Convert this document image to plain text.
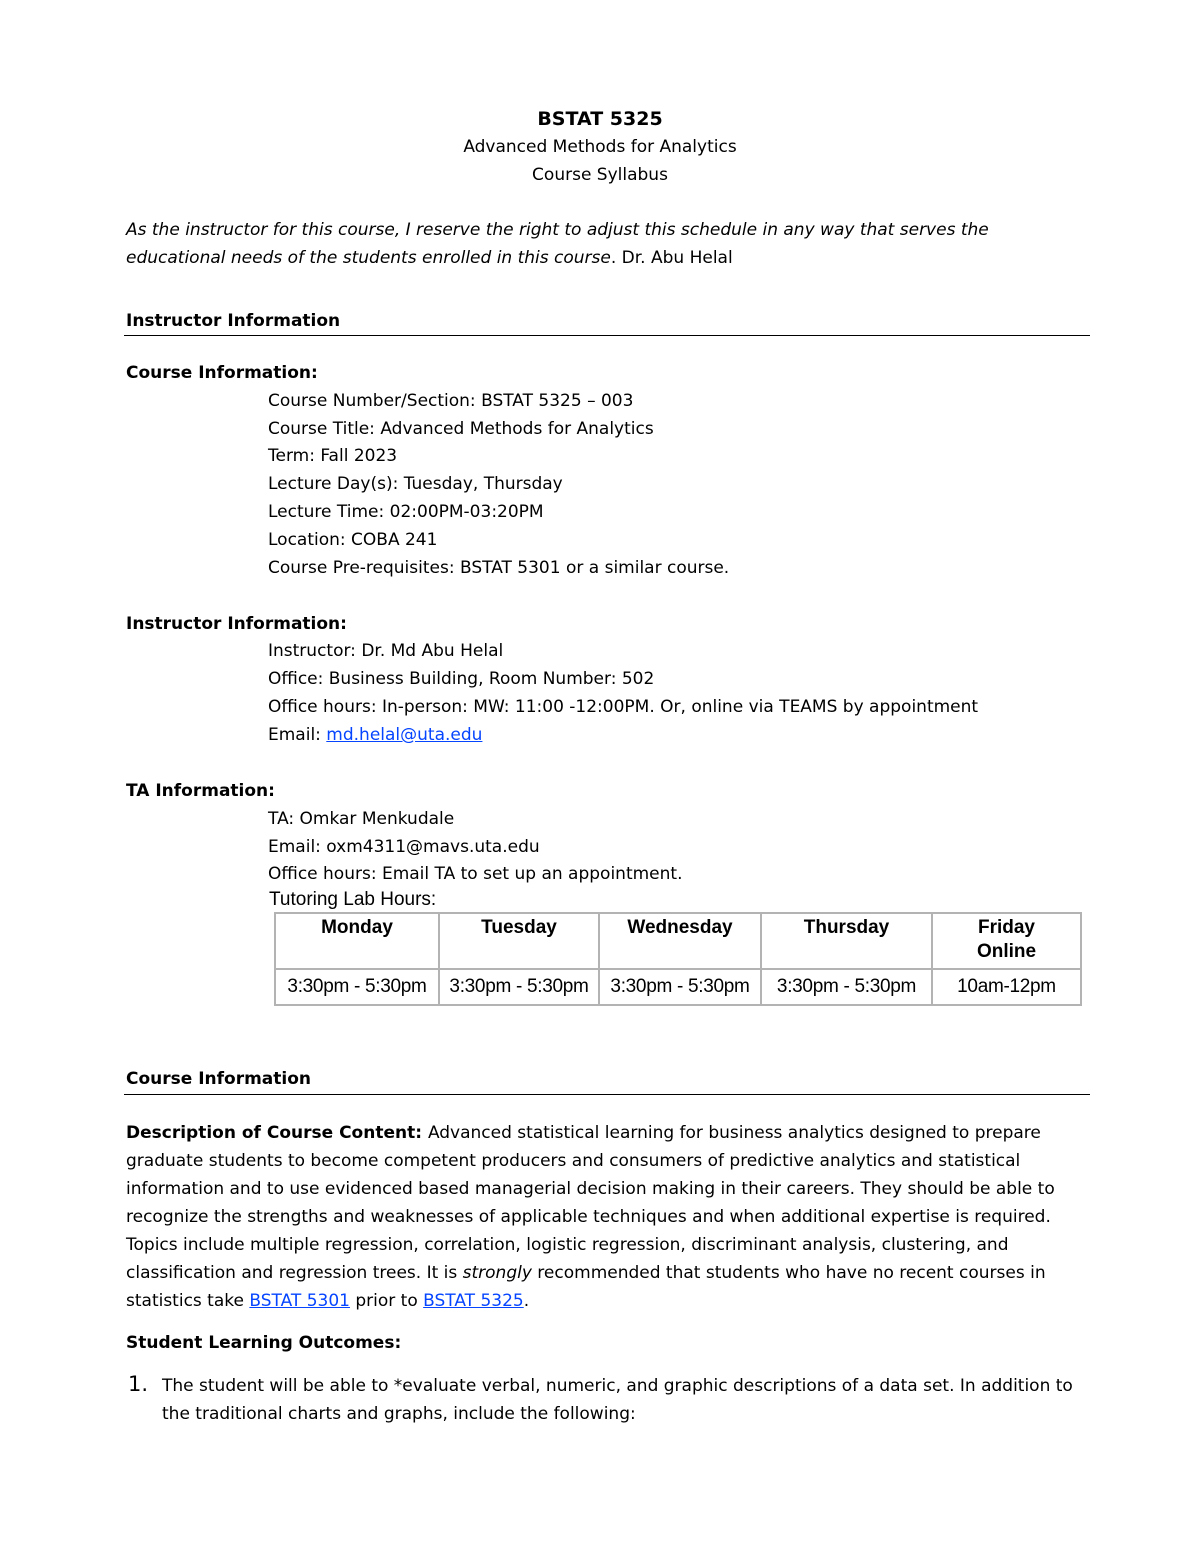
BSTAT 5325
Advanced Methods for Analytics
Course Syllabus
As the instructor for this course, I reserve the right to adjust this schedule in any way that serves the
educational needs of the students enrolled in this course. Dr. Abu Helal
Instructor Information
Course Information:
Course Number/Section: BSTAT 5325 – 003
Course Title: Advanced Methods for Analytics
Term: Fall 2023
Lecture Day(s): Tuesday, Thursday
Lecture Time: 02:00PM-03:20PM
Location: COBA 241
Course Pre-requisites: BSTAT 5301 or a similar course.
Instructor Information:
Instructor: Dr. Md Abu Helal
Office: Business Building, Room Number: 502
Office hours: In-person: MW: 11:00 -12:00PM. Or, online via TEAMS by appointment
Email: md.helal@uta.edu
TA Information:
TA: Omkar Menkudale
Email: oxm4311@mavs.uta.edu
Office hours: Email TA to set up an appointment.
Tutoring Lab Hours:
Monday	Tuesday	Wednesday	Thursday	Friday
Online
3:30pm - 5:30pm	3:30pm - 5:30pm	3:30pm - 5:30pm	3:30pm - 5:30pm	10am-12pm
Course Information
Description of Course Content: Advanced statistical learning for business analytics designed to prepare graduate students to become competent producers and consumers of predictive analytics and statistical information and to use evidenced based managerial decision making in their careers. They should be able to recognize the strengths and weaknesses of applicable techniques and when additional expertise is required. Topics include multiple regression, correlation, logistic regression, discriminant analysis, clustering, and classification and regression trees. It is strongly recommended that students who have no recent courses in statistics take BSTAT 5301 prior to BSTAT 5325.
Student Learning Outcomes:
1. The student will be able to *evaluate verbal, numeric, and graphic descriptions of a data set. In addition to the traditional charts and graphs, include the following:
